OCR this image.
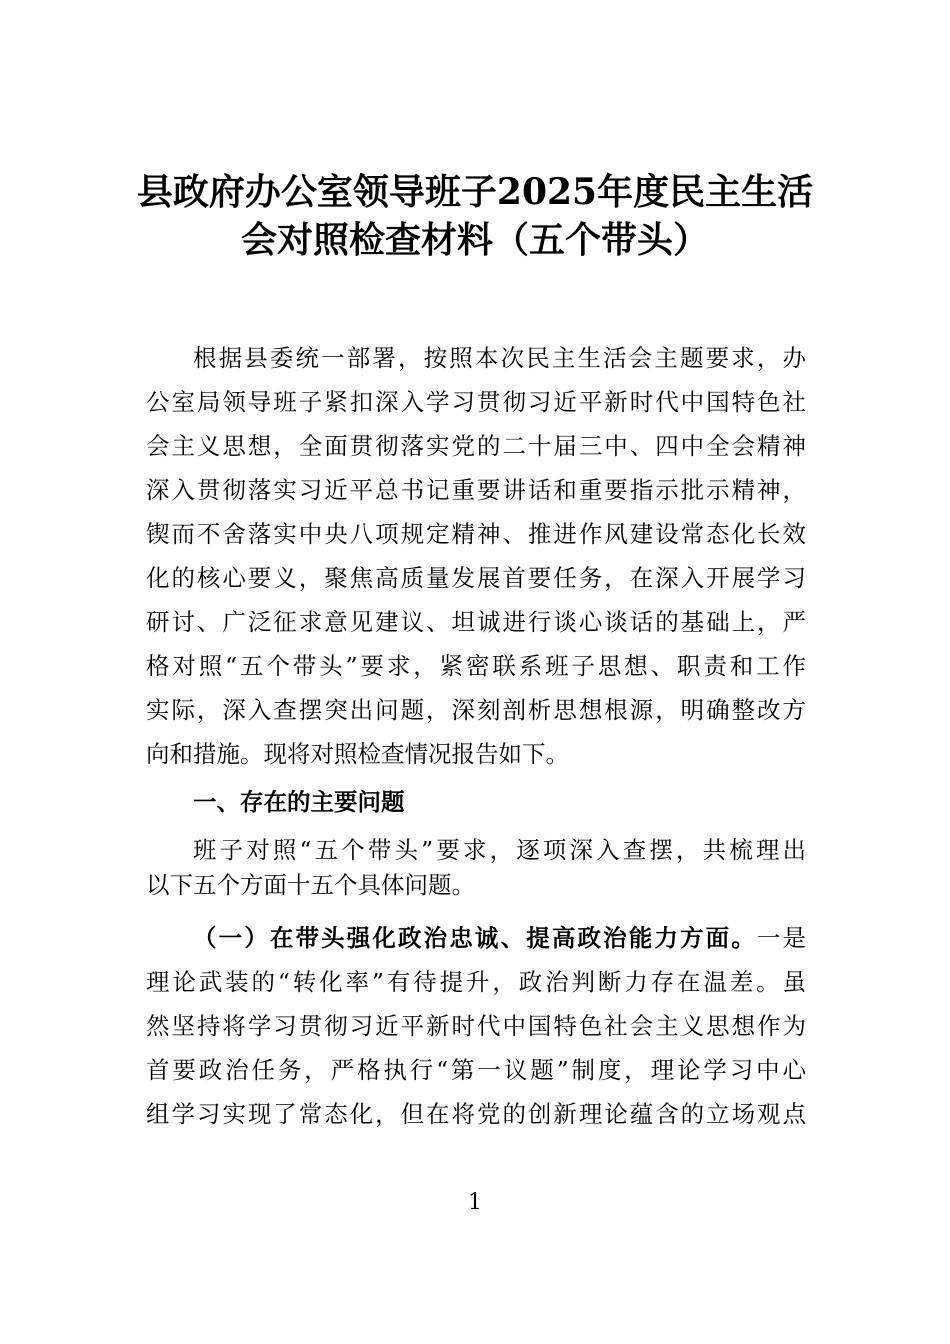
县政府办公室领导班子2025年度民主生活
会对照检查材料（五个带头）
根据县委统一部署，按照本次民主生活会主题要求，办
公室局领导班子紧扣深入学习贯彻习近平新时代中国特色社
会主义思想，全面贯彻落实党的二十届三中、四中全会精神
深入贯彻落实习近平总书记重要讲话和重要指示批示精神，
锲而不舍落实中央八项规定精神、推进作风建设常态化长效
化的核心要义，聚焦高质量发展首要任务，在深入开展学习
研讨、广泛征求意见建议、坦诚进行谈心谈话的基础上，严
格对照“五个带头”要求，紧密联系班子思想、职责和工作
实际，深入查摆突出问题，深刻剖析思想根源，明确整改方
向和措施。现将对照检查情况报告如下。
一、存在的主要问题
班子对照“五个带头”要求，逐项深入查摆，共梳理出
以下五个方面十五个具体问题。
（一）在带头强化政治忠诚、提高政治能力方面。一是
理论武装的“转化率”有待提升，政治判断力存在温差。虽
然坚持将学习贯彻习近平新时代中国特色社会主义思想作为
首要政治任务，严格执行“第一议题”制度，理论学习中心
组学习实现了常态化，但在将党的创新理论蕴含的立场观点
1
